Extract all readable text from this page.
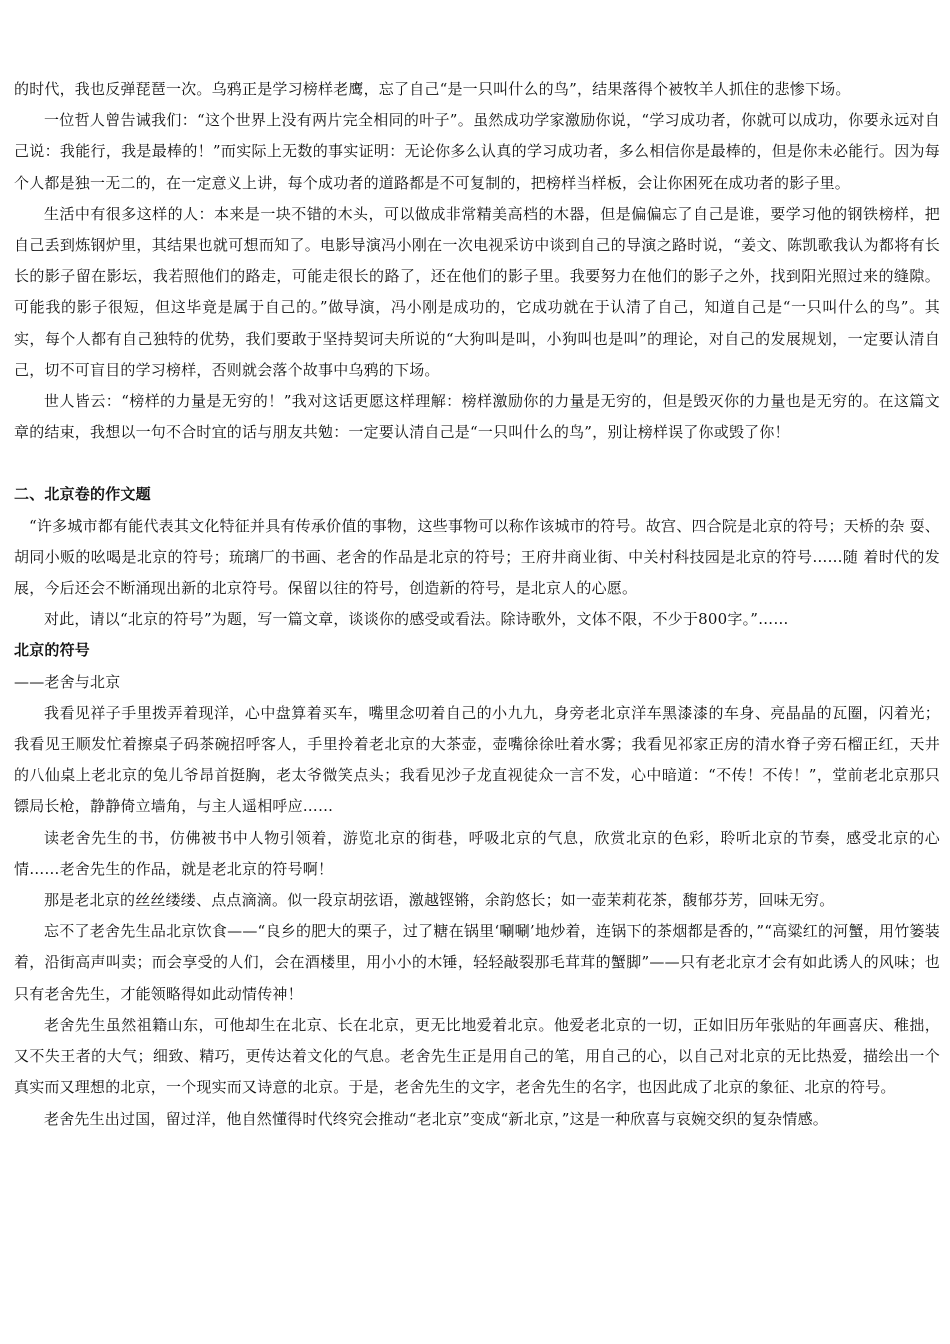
的时代，我也反弹琵琶一次。乌鸦正是学习榜样老鹰，忘了自己“是一只叫什么的鸟”，结果落得个被牧羊人抓住的悲惨下场。

一位哲人曾告诫我们：“这个世界上没有两片完全相同的叶子”。虽然成功学家激励你说，“学习成功者，你就可以成功，你要永远对自己说：我能行，我是最棒的！”而实际上无数的事实证明：无论你多么认真的学习成功者，多么相信你是最棒的，但是你未必能行。因为每个人都是独一无二的，在一定意义上讲，每个成功者的道路都是不可复制的，把榜样当样板，会让你困死在成功者的影子里。

生活中有很多这样的人：本来是一块不错的木头，可以做成非常精美高档的木器，但是偏偏忘了自己是谁，要学习他的钢铁榜样，把自己丢到炼钢炉里，其结果也就可想而知了。电影导演冯小刚在一次电视采访中谈到自己的导演之路时说，“姜文、陈凯歌我认为都将有长长的影子留在影坛，我若照他们的路走，可能走很长的路了，还在他们的影子里。我要努力在他们的影子之外，找到阳光照过来的缝隙。可能我的影子很短，但这毕竟是属于自己的。”做导演，冯小刚是成功的，它成功就在于认清了自己，知道自己是“一只叫什么的鸟”。其实，每个人都有自己独特的优势，我们要敢于坚持契诃夫所说的“大狗叫是叫，小狗叫也是叫”的理论，对自己的发展规划，一定要认清自己，切不可盲目的学习榜样，否则就会落个故事中乌鸦的下场。

世人皆云：“榜样的力量是无穷的！”我对这话更愿这样理解：榜样激励你的力量是无穷的，但是毁灭你的力量也是无穷的。在这篇文章的结束，我想以一句不合时宜的话与朋友共勉：一定要认清自己是“一只叫什么的鸟”，别让榜样误了你或毁了你！

二、北京卷的作文题

“许多城市都有能代表其文化特征并具有传承价值的事物，这些事物可以称作该城市的符号。故宫、四合院是北京的符号；天桥的杂 耍、胡同小贩的吆喝是北京的符号；琉璃厂的书画、老舍的作品是北京的符号；王府井商业街、中关村科技园是北京的符号……随 着时代的发展，今后还会不断涌现出新的北京符号。保留以往的符号，创造新的符号，是北京人的心愿。

对此，请以“北京的符号”为题，写一篇文章，谈谈你的感受或看法。除诗歌外，文体不限，不少于800字。”……

北京的符号

——老舍与北京

我看见祥子手里拨弄着现洋，心中盘算着买车，嘴里念叨着自己的小九九，身旁老北京洋车黑漆漆的车身、亮晶晶的瓦圈，闪着光；我看见王顺发忙着擦桌子码茶碗招呼客人，手里拎着老北京的大茶壶，壶嘴徐徐吐着水雾；我看见祁家正房的清水脊子旁石榴正红，天井的八仙桌上老北京的兔儿爷昂首挺胸，老太爷微笑点头；我看见沙子龙直视徒众一言不发，心中暗道：“不传！不传！”，堂前老北京那只镖局长枪，静静倚立墙角，与主人遥相呼应……

读老舍先生的书，仿佛被书中人物引领着，游览北京的街巷，呼吸北京的气息，欣赏北京的色彩，聆听北京的节奏，感受北京的心情……老舍先生的作品，就是老北京的符号啊！

那是老北京的丝丝缕缕、点点滴滴。似一段京胡弦语，激越铿锵，余韵悠长；如一壶茉莉花茶，馥郁芬芳，回味无穷。

忘不了老舍先生品北京饮食——“良乡的肥大的栗子，过了糖在锅里‘唰唰’地炒着，连锅下的茶烟都是香的，”“高粱红的河蟹，用竹篓装着，沿街高声叫卖；而会享受的人们，会在酒楼里，用小小的木锤，轻轻敲裂那毛茸茸的蟹脚”——只有老北京才会有如此诱人的风味；也只有老舍先生，才能领略得如此动情传神！

老舍先生虽然祖籍山东，可他却生在北京、长在北京，更无比地爱着北京。他爱老北京的一切，正如旧历年张贴的年画喜庆、稚拙，又不失王者的大气；细致、精巧，更传达着文化的气息。老舍先生正是用自己的笔，用自己的心，以自己对北京的无比热爱，描绘出一个真实而又理想的北京，一个现实而又诗意的北京。于是，老舍先生的文字，老舍先生的名字，也因此成了北京的象征、北京的符号。

老舍先生出过国，留过洋，他自然懂得时代终究会推动“老北京”变成“新北京，”这是一种欣喜与哀婉交织的复杂情感。
